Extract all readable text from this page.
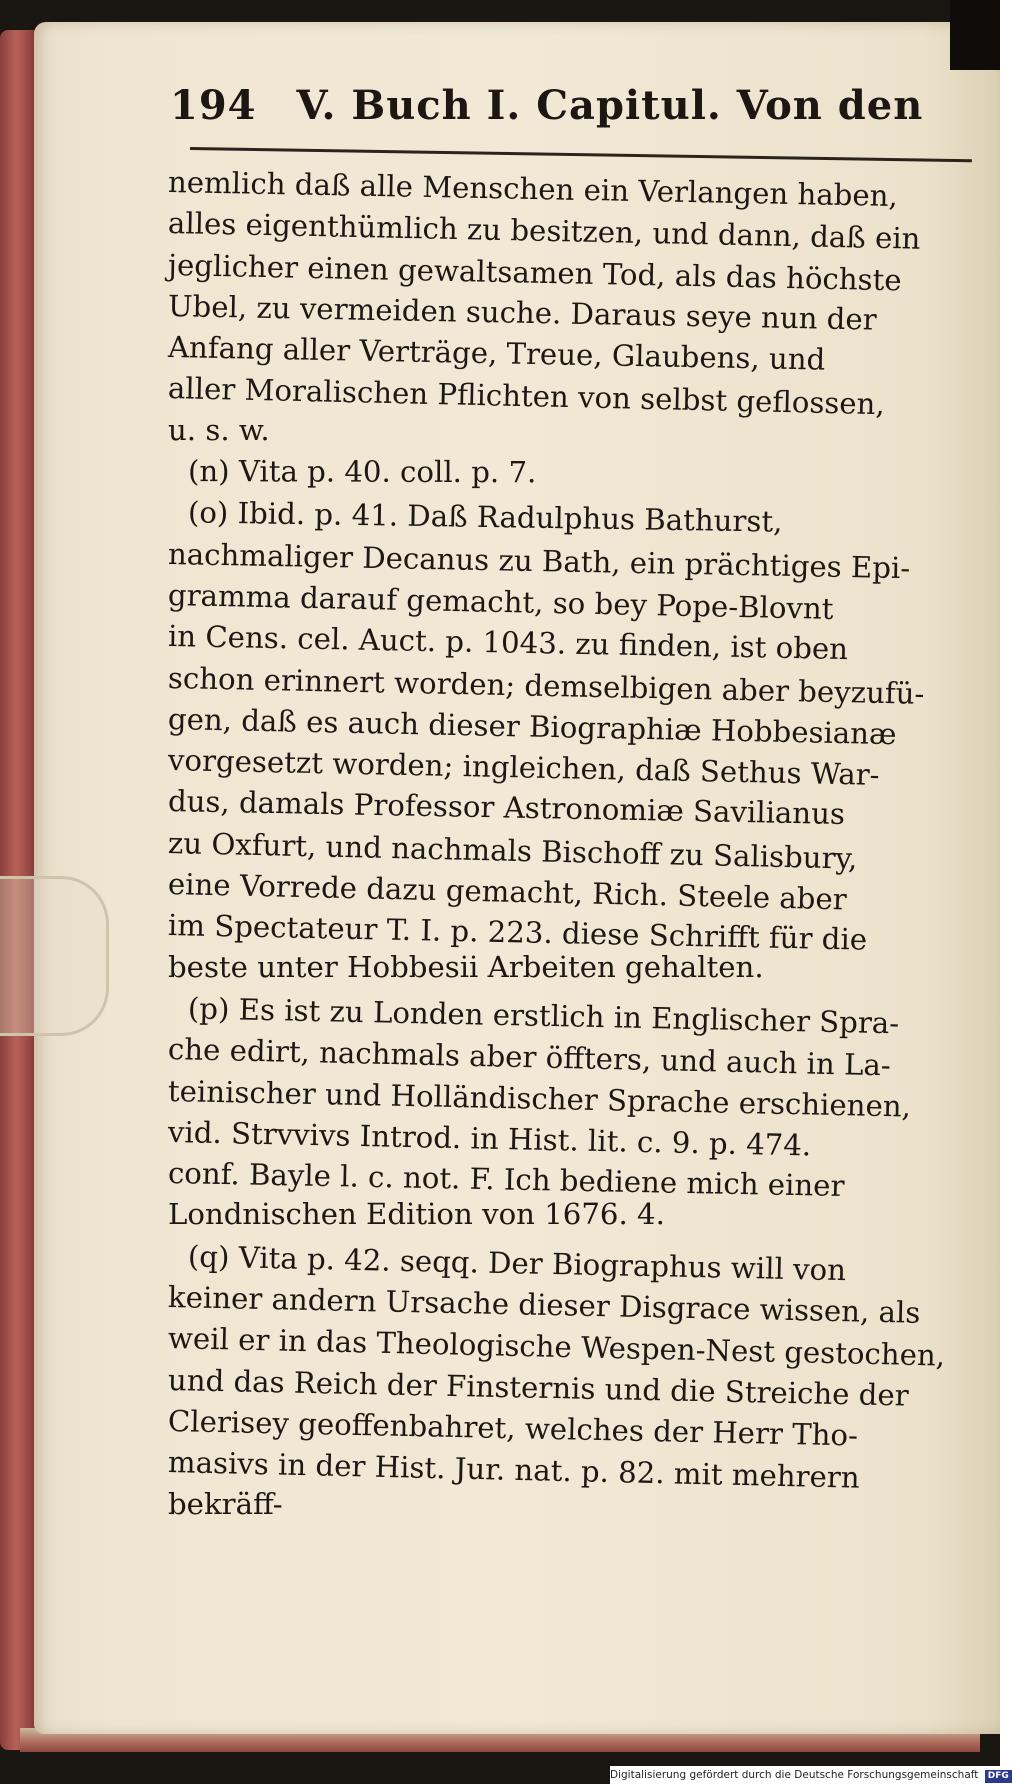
194 V. Buch I. Capitul. Von den
nemlich daß alle Menschen ein Verlangen haben,
alles eigenthümlich zu besitzen, und dann, daß ein
jeglicher einen gewaltsamen Tod, als das höchste
Ubel, zu vermeiden suche. Daraus seye nun der
Anfang aller Verträge, Treue, Glaubens, und
aller Moralischen Pflichten von selbst geflossen,
u. s. w.
(n) Vita p. 40. coll. p. 7.
(o) Ibid. p. 41. Daß Radulphus Bathurst,
nachmaliger Decanus zu Bath, ein prächtiges Epi-
gramma darauf gemacht, so bey Pope-Blovnt
in Cens. cel. Auct. p. 1043. zu finden, ist oben
schon erinnert worden; demselbigen aber beyzufü-
gen, daß es auch dieser Biographiæ Hobbesianæ
vorgesetzt worden; ingleichen, daß Sethus War-
dus, damals Professor Astronomiæ Savilianus
zu Oxfurt, und nachmals Bischoff zu Salisbury,
eine Vorrede dazu gemacht, Rich. Steele aber
im Spectateur T. I. p. 223. diese Schrifft für die
beste unter Hobbesii Arbeiten gehalten.
(p) Es ist zu Londen erstlich in Englischer Spra-
che edirt, nachmals aber öffters, und auch in La-
teinischer und Holländischer Sprache erschienen,
vid. Strvvivs Introd. in Hist. lit. c. 9. p. 474.
conf. Bayle l. c. not. F. Ich bediene mich einer
Londnischen Edition von 1676. 4.
(q) Vita p. 42. seqq. Der Biographus will von
keiner andern Ursache dieser Disgrace wissen, als
weil er in das Theologische Wespen-Nest gestochen,
und das Reich der Finsternis und die Streiche der
Clerisey geoffenbahret, welches der Herr Tho-
masivs in der Hist. Jur. nat. p. 82. mit mehrern
bekräff-
Digitalisierung gefördert durch die Deutsche Forschungsgemeinschaft DFG
